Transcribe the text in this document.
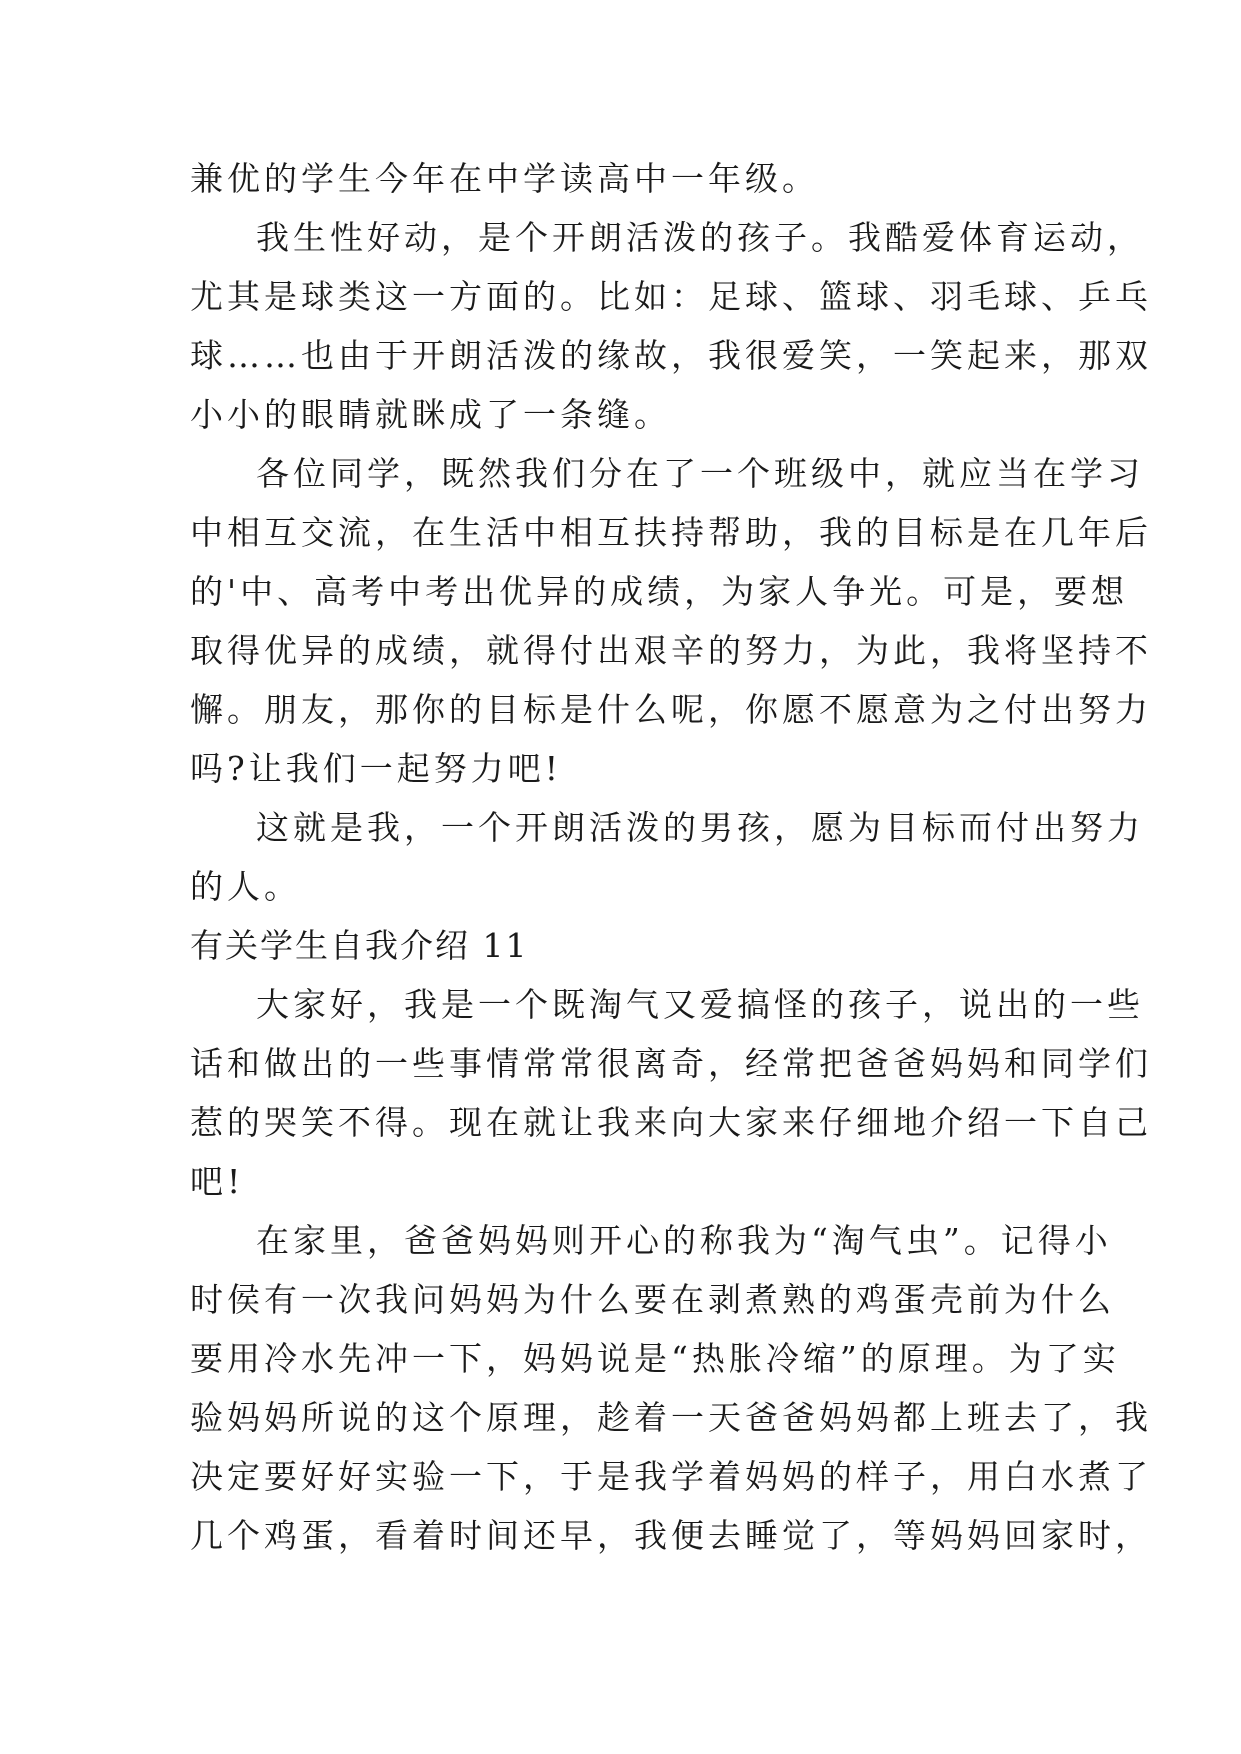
兼优的学生今年在中学读高中一年级。
我生性好动，是个开朗活泼的孩子。我酷爱体育运动，
尤其是球类这一方面的。比如：足球、篮球、羽毛球、乒乓
球……也由于开朗活泼的缘故，我很爱笑，一笑起来，那双
小小的眼睛就眯成了一条缝。
各位同学，既然我们分在了一个班级中，就应当在学习
中相互交流，在生活中相互扶持帮助，我的目标是在几年后
的'中、高考中考出优异的成绩，为家人争光。可是，要想
取得优异的成绩，就得付出艰辛的努力，为此，我将坚持不
懈。朋友，那你的目标是什么呢，你愿不愿意为之付出努力
吗?让我们一起努力吧!
这就是我，一个开朗活泼的男孩，愿为目标而付出努力
的人。
有关学生自我介绍 11
大家好，我是一个既淘气又爱搞怪的孩子，说出的一些
话和做出的一些事情常常很离奇，经常把爸爸妈妈和同学们
惹的哭笑不得。现在就让我来向大家来仔细地介绍一下自己
吧!
在家里，爸爸妈妈则开心的称我为“淘气虫”。记得小
时侯有一次我问妈妈为什么要在剥煮熟的鸡蛋壳前为什么
要用冷水先冲一下，妈妈说是“热胀冷缩”的原理。为了实
验妈妈所说的这个原理，趁着一天爸爸妈妈都上班去了，我
决定要好好实验一下，于是我学着妈妈的样子，用白水煮了
几个鸡蛋，看着时间还早，我便去睡觉了，等妈妈回家时，
